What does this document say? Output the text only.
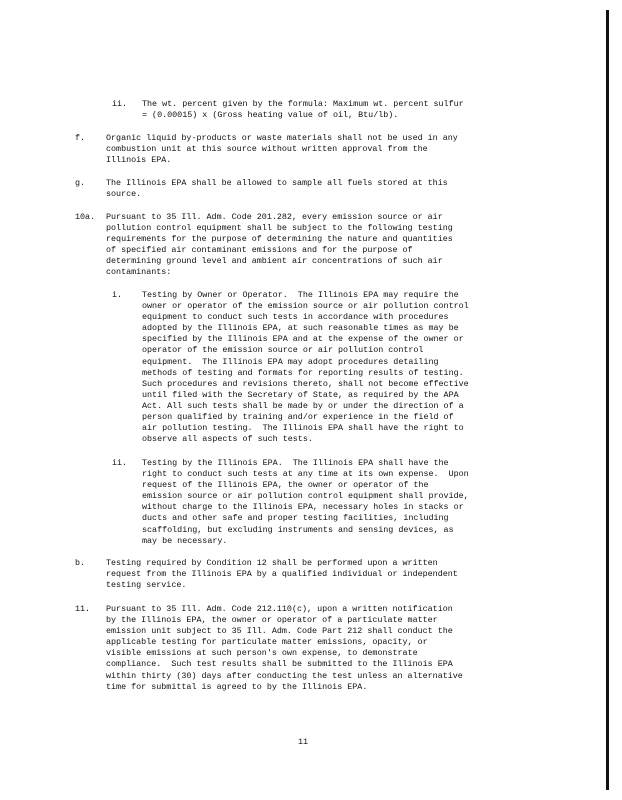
ii. The wt. percent given by the formula: Maximum wt. percent sulfur
= (0.00015) x (Gross heating value of oil, Btu/lb).
f. Organic liquid by-products or waste materials shall not be used in any
combustion unit at this source without written approval from the
Illinois EPA.
g. The Illinois EPA shall be allowed to sample all fuels stored at this
source.
10a. Pursuant to 35 Ill. Adm. Code 201.282, every emission source or air
pollution control equipment shall be subject to the following testing
requirements for the purpose of determining the nature and quantities
of specified air contaminant emissions and for the purpose of
determining ground level and ambient air concentrations of such air
contaminants:
i. Testing by Owner or Operator.  The Illinois EPA may require the
owner or operator of the emission source or air pollution control
equipment to conduct such tests in accordance with procedures
adopted by the Illinois EPA, at such reasonable times as may be
specified by the Illinois EPA and at the expense of the owner or
operator of the emission source or air pollution control
equipment.  The Illinois EPA may adopt procedures detailing
methods of testing and formats for reporting results of testing.
Such procedures and revisions thereto, shall not become effective
until filed with the Secretary of State, as required by the APA
Act. All such tests shall be made by or under the direction of a
person qualified by training and/or experience in the field of
air pollution testing.  The Illinois EPA shall have the right to
observe all aspects of such tests.
ii. Testing by the Illinois EPA.  The Illinois EPA shall have the
right to conduct such tests at any time at its own expense.  Upon
request of the Illinois EPA, the owner or operator of the
emission source or air pollution control equipment shall provide,
without charge to the Illinois EPA, necessary holes in stacks or
ducts and other safe and proper testing facilities, including
scaffolding, but excluding instruments and sensing devices, as
may be necessary.
b. Testing required by Condition 12 shall be performed upon a written
request from the Illinois EPA by a qualified individual or independent
testing service.
11. Pursuant to 35 Ill. Adm. Code 212.110(c), upon a written notification
by the Illinois EPA, the owner or operator of a particulate matter
emission unit subject to 35 Ill. Adm. Code Part 212 shall conduct the
applicable testing for particulate matter emissions, opacity, or
visible emissions at such person's own expense, to demonstrate
compliance.  Such test results shall be submitted to the Illinois EPA
within thirty (30) days after conducting the test unless an alternative
time for submittal is agreed to by the Illinois EPA.
11
